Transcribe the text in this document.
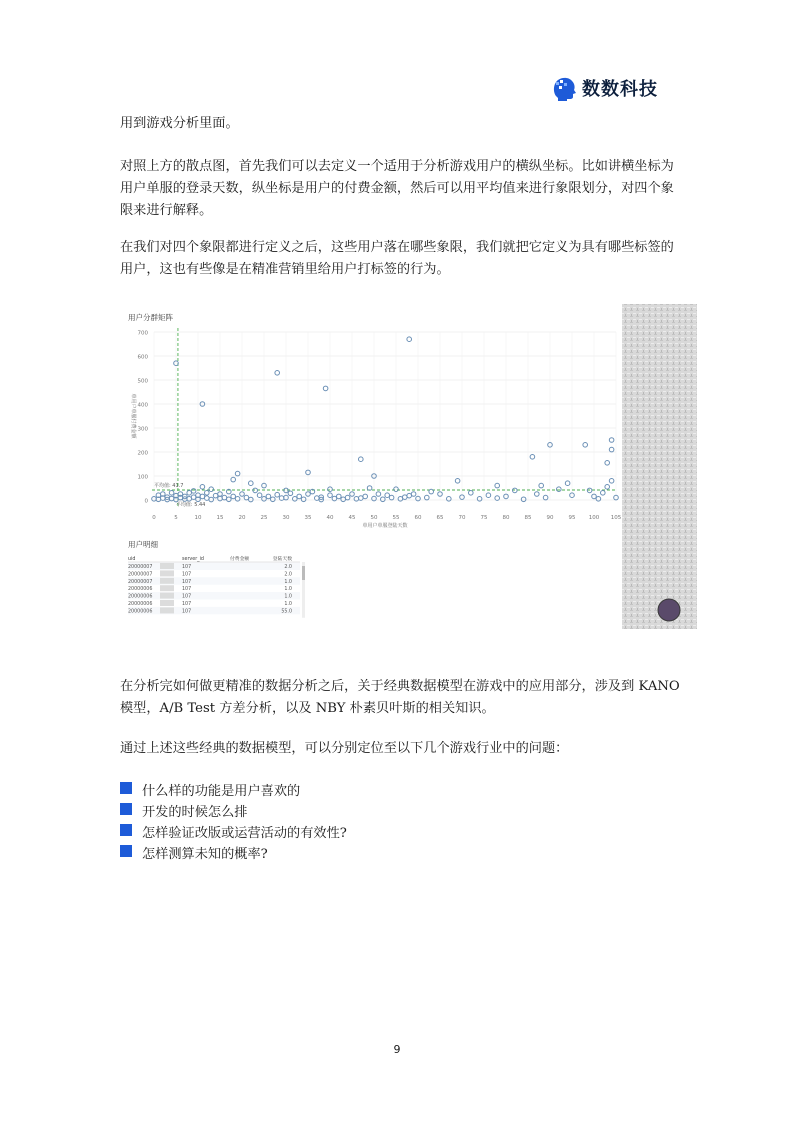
数数科技
用到游戏分析里面。
对照上方的散点图，首先我们可以去定义一个适用于分析游戏用户的横纵坐标。比如讲横坐标为用户单服的登录天数，纵坐标是用户的付费金额，然后可以用平均值来进行象限划分，对四个象限来进行解释。
在我们对四个象限都进行定义之后，这些用户落在哪些象限，我们就把它定义为具有哪些标签的用户，这也有些像是在精准营销里给用户打标签的行为。
用户分群矩阵
0
100
200
300
400
500
600
700
0	5	10	15	20	25	30	35	40	45	50	55	60	65	70	75	80	85	90	95 100 105
单用户单服登陆天数
单用户单服付费金额
平均值: 41.7
平均值: 5.44
用户明细
uid	server_id	付费金额	登陆天数
20000007	107	2.0
20000007	107	2.0
20000007	107	1.0
20000006	107	1.0
20000006	107	1.0
20000006	107	1.0
20000006	107	55.0
在分析完如何做更精准的数据分析之后，关于经典数据模型在游戏中的应用部分，涉及到 KANO 模型，A/B Test 方差分析，以及 NBY 朴素贝叶斯的相关知识。
通过上述这些经典的数据模型，可以分别定位至以下几个游戏行业中的问题：
什么样的功能是用户喜欢的
开发的时候怎么排
怎样验证改版或运营活动的有效性?
怎样测算未知的概率?
9
